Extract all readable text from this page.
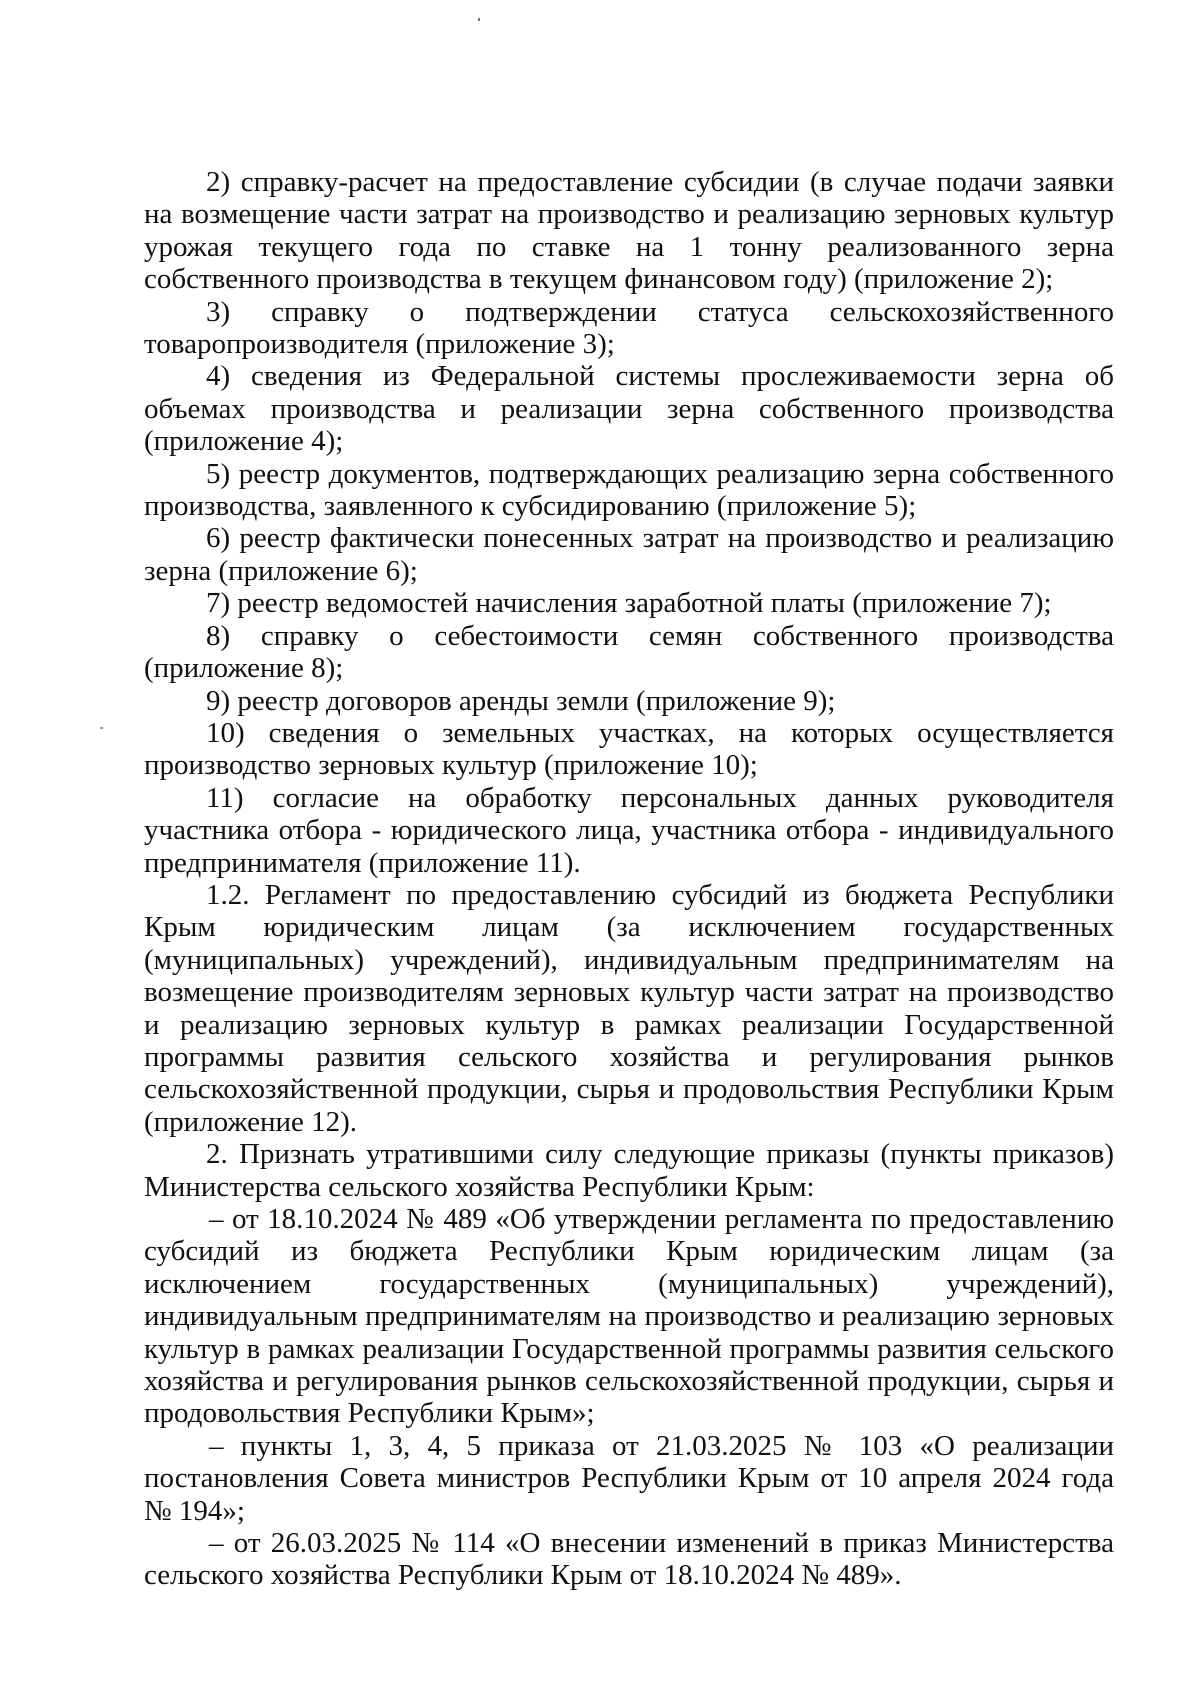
2) справку-расчет на предоставление субсидии (в случае подачи заявки на возмещение части затрат на производство и реализацию зерновых культур урожая текущего года по ставке на 1 тонну реализованного зерна собственного производства в текущем финансовом году) (приложение 2);

3) справку о подтверждении статуса сельскохозяйственного товаропроизводителя (приложение 3);

4) сведения из Федеральной системы прослеживаемости зерна об объемах производства и реализации зерна собственного производства (приложение 4);

5) реестр документов, подтверждающих реализацию зерна собственного производства, заявленного к субсидированию (приложение 5);

6) реестр фактически понесенных затрат на производство и реализацию зерна (приложение 6);

7) реестр ведомостей начисления заработной платы (приложение 7);

8) справку о себестоимости семян собственного производства (приложение 8);

9) реестр договоров аренды земли (приложение 9);

10) сведения о земельных участках, на которых осуществляется производство зерновых культур (приложение 10);

11) согласие на обработку персональных данных руководителя участника отбора - юридического лица, участника отбора - индивидуального предпринимателя (приложение 11).

1.2. Регламент по предоставлению субсидий из бюджета Республики Крым юридическим лицам (за исключением государственных (муниципальных) учреждений), индивидуальным предпринимателям на возмещение производителям зерновых культур части затрат на производство и реализацию зерновых культур в рамках реализации Государственной программы развития сельского хозяйства и регулирования рынков сельскохозяйственной продукции, сырья и продовольствия Республики Крым (приложение 12).

2. Признать утратившими силу следующие приказы (пункты приказов) Министерства сельского хозяйства Республики Крым:

– от 18.10.2024 № 489 «Об утверждении регламента по предоставлению субсидий из бюджета Республики Крым юридическим лицам (за исключением государственных (муниципальных) учреждений), индивидуальным предпринимателям на производство и реализацию зерновых культур в рамках реализации Государственной программы развития сельского хозяйства и регулирования рынков сельскохозяйственной продукции, сырья и продовольствия Республики Крым»;

– пункты 1, 3, 4, 5 приказа от 21.03.2025 № 103 «О реализации постановления Совета министров Республики Крым от 10 апреля 2024 года № 194»;

– от 26.03.2025 № 114 «О внесении изменений в приказ Министерства сельского хозяйства Республики Крым от 18.10.2024 № 489».
